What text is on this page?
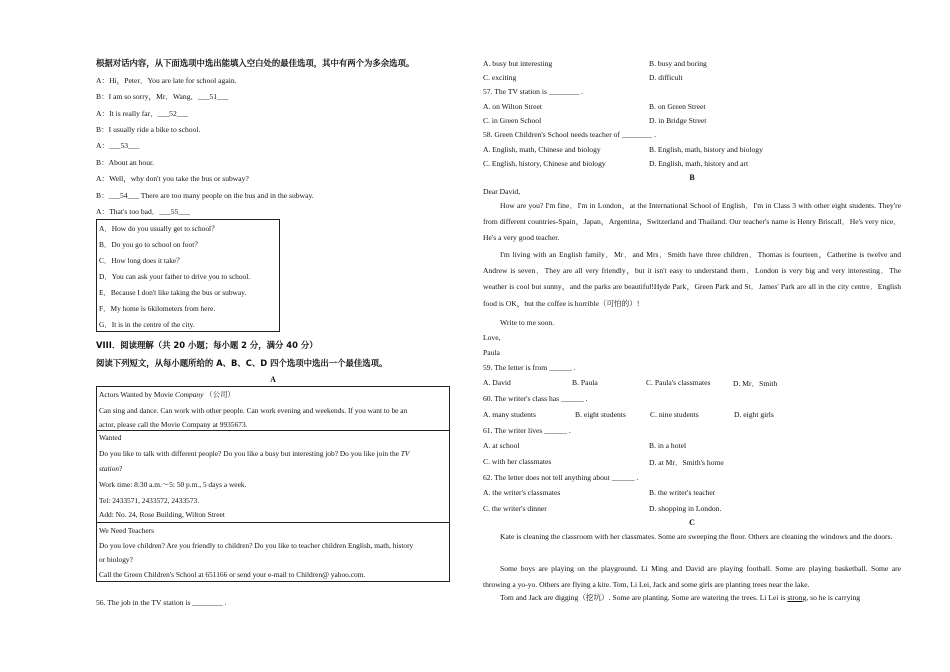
根据对话内容，从下面选项中选出能填入空白处的最佳选项，其中有两个为多余选项。
A：Hi，Peter．You are late for school again.
B：I am so sorry，Mr．Wang．___51___
A：It is really far．___52___
B：I usually ride a bike to school.
A：___53___
B：About an hour.
A：Well，why don't you take the bus or subway?
B：___54___ There are too many people on the bus and in the subway.
A：That's too bad．___55___
A．How do you usually get to school？
B．Do you go to school on foot？
C．How long does it take？
D．You can ask your father to drive you to school.
E．Because I don't like taking the bus or subway.
F．My home is 6kilometers from here.
G．It is in the centre of the city.
VIII．阅读理解（共 20 小题；每小题 2 分，满分 40 分）
阅读下列短文，从每小题所给的 A、B、C、D 四个选项中选出一个最佳选项。
A
Actors Wanted by Movie Company （公司）
Can sing and dance. Can work with other people. Can work evening and weekends. If you want to be an
actor, please call the Movie Company at 9935673.
Wanted
Do you like to talk with different people? Do you like a busy but interesting job? Do you like join the TV
station?
Work time: 8:30 a.m.～5: 50 p.m., 5 days a week.
Tel: 2433571, 2433572, 2433573.
Add: No. 24, Rose Building, Wilton Street
We Need Teachers
Do you love children? Are you friendly to children? Do you like to teacher children English, math, history
or biology?
Call the Green Children's School at 651166 or send your e-mail to Children@ yahoo.com.
56. The job in the TV station is ________ .
A. busy but interesting	B. busy and boring
C. exciting	D. difficult
57. The TV station is ________ .
A. on Wilton Street	B. on Green Street
C. in Green School	D. in Bridge Street
58. Green Children's School needs teacher of ________ .
A. English, math, Chinese and biology	B. English, math, history and biology
C. English, history, Chinese and biology	D. English, math, history and art
B
Dear David,
How are you? I'm fine．I'm in London，at the International School of English．I'm in Class 3 with other eight students. They're from different countries-Spain，Japan，Argentina，Switzerland and Thailand. Our teacher's name is Henry Briscall．He's very nice．He's a very good teacher.
I'm living with an English family．Mr．and Mrs．Smith have three children．Thomas is fourteen，Catherine is twelve and Andrew is seven．They are all very friendly，but it isn't easy to understand them．London is very big and very interesting．The weather is cool but sunny，and the parks are beautiful!Hyde Park，Green Park and St．James' Park are all in the city centre．English food is OK，but the coffee is horrible（可怕的）!
Write to me soon.
Love,
Paula
59. The letter is from ______ .
A. David	B. Paula	C. Paula's classmates	D. Mr．Smith
60. The writer's class has ______ .
A. many students	B. eight students	C. nine students	D. eight girls
61. The writer lives ______ .
A. at school	B. in a hotel
C. with her classmates	D. at Mr．Smith's home
62. The letter does not tell anything about ______ .
A. the writer's classmates	B. the writer's teacher
C. the writer's dinner	D. shopping in London.
C
Kate is cleaning the classroom with her classmates. Some are sweeping the floor. Others are cleaning the windows and the doors.
Some boys are playing on the playground. Li Ming and David are playing football. Some are playing basketball. Some are throwing a yo-yo. Others are flying a kite. Tom, Li Lei, Jack and some girls are planting trees near the lake.
Tom and Jack are digging（挖坑）. Some are planting. Some are watering the trees. Li Lei is strong, so he is carrying
